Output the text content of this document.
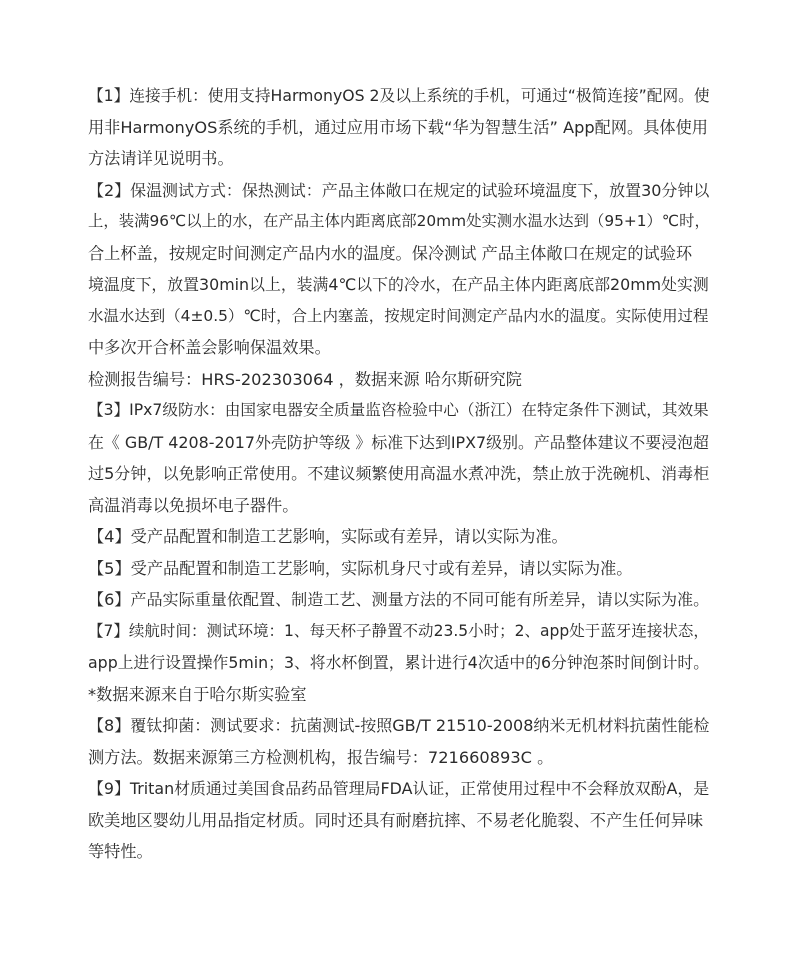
【1】连接手机：使用支持HarmonyOS 2及以上系统的手机，可通过“极简连接”配网。使
用非HarmonyOS系统的手机，通过应用市场下载“华为智慧生活” App配网。具体使用
方法请详见说明书。

【2】保温测试方式：保热测试：产品主体敞口在规定的试验环境温度下，放置30分钟以
上，装满96℃以上的水，在产品主体内距离底部20mm处实测水温水达到（95+1）℃时，
合上杯盖，按规定时间测定产品内水的温度。保冷测试 产品主体敞口在规定的试验环
境温度下，放置30min以上，装满4℃以下的冷水，在产品主体内距离底部20mm处实测
水温水达到（4±0.5）℃时，合上内塞盖，按规定时间测定产品内水的温度。实际使用过程
中多次开合杯盖会影响保温效果。

检测报告编号：HRS-202303064 ，数据来源 哈尔斯研究院

【3】IPx7级防水：由国家电器安全质量监咨检验中心（浙江）在特定条件下测试，其效果
在《 GB/T 4208-2017外壳防护等级 》标准下达到IPX7级别。产品整体建议不要浸泡超
过5分钟，以免影响正常使用。不建议频繁使用高温水煮冲洗，禁止放于洗碗机、消毒柜
高温消毒以免损坏电子器件。

【4】受产品配置和制造工艺影响，实际或有差异，请以实际为准。

【5】受产品配置和制造工艺影响，实际机身尺寸或有差异，请以实际为准。

【6】产品实际重量依配置、制造工艺、测量方法的不同可能有所差异，请以实际为准。

【7】续航时间：测试环境：1、每天杯子静置不动23.5小时；2、app处于蓝牙连接状态，
app上进行设置操作5min；3、将水杯倒置，累计进行4次适中的6分钟泡茶时间倒计时。

*数据来源来自于哈尔斯实验室

【8】覆钛抑菌：测试要求：抗菌测试-按照GB/T 21510-2008纳米无机材料抗菌性能检
测方法。数据来源第三方检测机构，报告编号：721660893C 。

【9】Tritan材质通过美国食品药品管理局FDA认证，正常使用过程中不会释放双酚A，是
欧美地区婴幼儿用品指定材质。同时还具有耐磨抗摔、不易老化脆裂、不产生任何异味
等特性。
